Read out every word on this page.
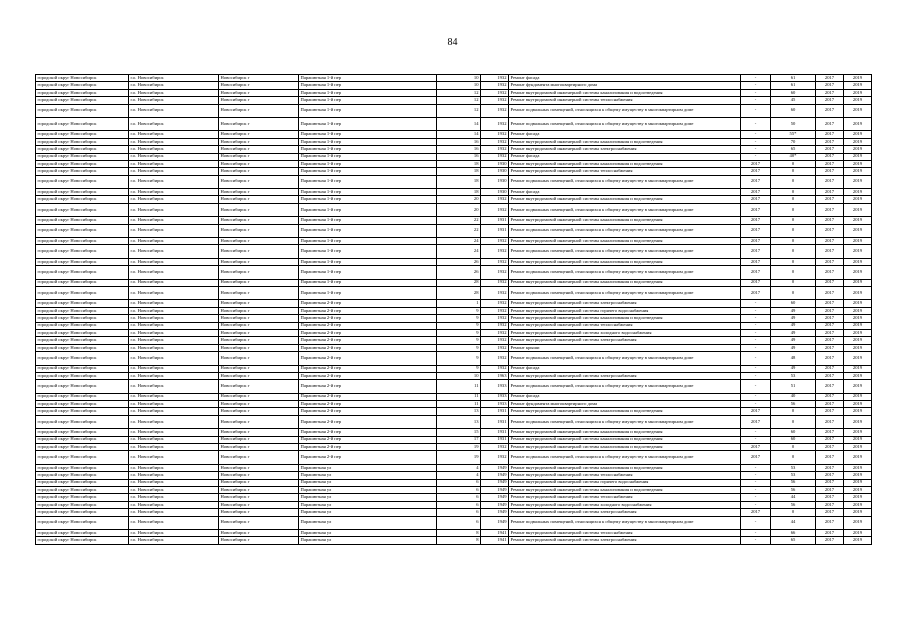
84
городской округ Новосибирск	г.о. Новосибирск	Новосибирск г	Парашютная 1-й пер	10	1932	Ремонт фасада	-	61	2017	2019
городской округ Новосибирск	г.о. Новосибирск	Новосибирск г	Парашютная 1-й пер	10	1932	Ремонт фундамента многоквартирного дома	-	61	2017	2019
городской округ Новосибирск	г.о. Новосибирск	Новосибирск г	Парашютная 1-й пер	12	1932	Ремонт внутридомовой инженерной системы канализования и водоотведения	-	60	2017	2019
городской округ Новосибирск	г.о. Новосибирск	Новосибирск г	Парашютная 1-й пер	12	1932	Ремонт внутридомовой инженерной системы теплоснабжения	-	45	2017	2019
городской округ Новосибирск	г.о. Новосибирск	Новосибирск г	Парашютная 1-й пер	12	1932	Ремонт подвальных помещений, относящихся к общему имуществу в многоквартирном доме	-	60	2017	2019
городской округ Новосибирск	г.о. Новосибирск	Новосибирск г	Парашютная 1-й пер	14	1932	Ремонт подвальных помещений, относящихся к общему имуществу в многоквартирном доме	-	50	2017	2019
городской округ Новосибирск	г.о. Новосибирск	Новосибирск г	Парашютная 1-й пер	14	1932	Ремонт фасада	-	55*	2017	2019
городской округ Новосибирск	г.о. Новосибирск	Новосибирск г	Парашютная 1-й пер	16	1932	Ремонт внутридомовой инженерной системы канализования и водоотведения	-	70	2017	2019
городской округ Новосибирск	г.о. Новосибирск	Новосибирск г	Парашютная 1-й пер	16	1932	Ремонт внутридомовой инженерной системы электроснабжения	-	65	2017	2019
городской округ Новосибирск	г.о. Новосибирск	Новосибирск г	Парашютная 1-й пер	16	1932	Ремонт фасада	-	40*	2017	2019
городской округ Новосибирск	г.о. Новосибирск	Новосибирск г	Парашютная 1-й пер	18	1930	Ремонт внутридомовой инженерной системы канализования и водоотведения	2017	0	2017	2019
городской округ Новосибирск	г.о. Новосибирск	Новосибирск г	Парашютная 1-й пер	18	1930	Ремонт внутридомовой инженерной системы теплоснабжения	2017	0	2017	2019
городской округ Новосибирск	г.о. Новосибирск	Новосибирск г	Парашютная 1-й пер	18	1930	Ремонт подвальных помещений, относящихся к общему имуществу в многоквартирном доме	2017	0	2017	2019
городской округ Новосибирск	г.о. Новосибирск	Новосибирск г	Парашютная 1-й пер	18	1930	Ремонт фасада	2017	0	2017	2019
городской округ Новосибирск	г.о. Новосибирск	Новосибирск г	Парашютная 1-й пер	20	1932	Ремонт внутридомовой инженерной системы канализования и водоотведения	2017	0	2017	2019
городской округ Новосибирск	г.о. Новосибирск	Новосибирск г	Парашютная 1-й пер	20	1932	Ремонт подвальных помещений, относящихся к общему имуществу в многоквартирном доме	2017	0	2017	2019
городской округ Новосибирск	г.о. Новосибирск	Новосибирск г	Парашютная 1-й пер	22	1931	Ремонт внутридомовой инженерной системы канализования и водоотведения	2017	0	2017	2019
городской округ Новосибирск	г.о. Новосибирск	Новосибирск г	Парашютная 1-й пер	22	1931	Ремонт подвальных помещений, относящихся к общему имуществу в многоквартирном доме	2017	0	2017	2019
городской округ Новосибирск	г.о. Новосибирск	Новосибирск г	Парашютная 1-й пер	24	1932	Ремонт внутридомовой инженерной системы канализования и водоотведения	2017	0	2017	2019
городской округ Новосибирск	г.о. Новосибирск	Новосибирск г	Парашютная 1-й пер	24	1932	Ремонт подвальных помещений, относящихся к общему имуществу в многоквартирном доме	2017	0	2017	2019
городской округ Новосибирск	г.о. Новосибирск	Новосибирск г	Парашютная 1-й пер	26	1932	Ремонт внутридомовой инженерной системы канализования и водоотведения	2017	0	2017	2019
городской округ Новосибирск	г.о. Новосибирск	Новосибирск г	Парашютная 1-й пер	26	1932	Ремонт подвальных помещений, относящихся к общему имуществу в многоквартирном доме	2017	0	2017	2019
городской округ Новосибирск	г.о. Новосибирск	Новосибирск г	Парашютная 1-й пер	28	1932	Ремонт внутридомовой инженерной системы канализования и водоотведения	2017	0	2017	2019
городской округ Новосибирск	г.о. Новосибирск	Новосибирск г	Парашютная 1-й пер	28	1932	Ремонт подвальных помещений, относящихся к общему имуществу в многоквартирном доме	2017	0	2017	2019
городской округ Новосибирск	г.о. Новосибирск	Новосибирск г	Парашютная 2-й пер	1	1932	Ремонт внутридомовой инженерной системы электроснабжения	-	60	2017	2019
городской округ Новосибирск	г.о. Новосибирск	Новосибирск г	Парашютная 2-й пер	9	1932	Ремонт внутридомовой инженерной системы горячего водоснабжения	-	49	2017	2019
городской округ Новосибирск	г.о. Новосибирск	Новосибирск г	Парашютная 2-й пер	9	1932	Ремонт внутридомовой инженерной системы канализования и водоотведения	-	49	2017	2019
городской округ Новосибирск	г.о. Новосибирск	Новосибирск г	Парашютная 2-й пер	9	1932	Ремонт внутридомовой инженерной системы теплоснабжения	-	49	2017	2019
городской округ Новосибирск	г.о. Новосибирск	Новосибирск г	Парашютная 2-й пер	9	1932	Ремонт внутридомовой инженерной системы холодного водоснабжения	-	49	2017	2019
городской округ Новосибирск	г.о. Новосибирск	Новосибирск г	Парашютная 2-й пер	9	1932	Ремонт внутридомовой инженерной системы электроснабжения	-	49	2017	2019
городской округ Новосибирск	г.о. Новосибирск	Новосибирск г	Парашютная 2-й пер	9	1932	Ремонт крыши	-	49	2017	2019
городской округ Новосибирск	г.о. Новосибирск	Новосибирск г	Парашютная 2-й пер	9	1932	Ремонт подвальных помещений, относящихся к общему имуществу в многоквартирном доме	-	48	2017	2019
городской округ Новосибирск	г.о. Новосибирск	Новосибирск г	Парашютная 2-й пер	9	1932	Ремонт фасада	-	49	2017	2019
городской округ Новосибирск	г.о. Новосибирск	Новосибирск г	Парашютная 2-й пер	10	1963	Ремонт внутридомовой инженерной системы электроснабжения	-	53	2017	2019
городской округ Новосибирск	г.о. Новосибирск	Новосибирск г	Парашютная 2-й пер	11	1933	Ремонт подвальных помещений, относящихся к общему имуществу в многоквартирном доме	-	51	2017	2019
городской округ Новосибирск	г.о. Новосибирск	Новосибирск г	Парашютная 2-й пер	11	1933	Ремонт фасада	-	40	2017	2019
городской округ Новосибирск	г.о. Новосибирск	Новосибирск г	Парашютная 2-й пер	11	1933	Ремонт фундамента многоквартирного дома	-	56	2017	2019
городской округ Новосибирск	г.о. Новосибирск	Новосибирск г	Парашютная 2-й пер	13	1931	Ремонт внутридомовой инженерной системы канализования и водоотведения	2017	0	2017	2019
городской округ Новосибирск	г.о. Новосибирск	Новосибирск г	Парашютная 2-й пер	13	1931	Ремонт подвальных помещений, относящихся к общему имуществу в многоквартирном доме	2017	0	2017	2019
городской округ Новосибирск	г.о. Новосибирск	Новосибирск г	Парашютная 2-й пер	15	1931	Ремонт внутридомовой инженерной системы канализования и водоотведения	-	60	2017	2019
городской округ Новосибирск	г.о. Новосибирск	Новосибирск г	Парашютная 2-й пер	17	1931	Ремонт внутридомовой инженерной системы канализования и водоотведения	-	60	2017	2019
городской округ Новосибирск	г.о. Новосибирск	Новосибирск г	Парашютная 2-й пер	19	1932	Ремонт внутридомовой инженерной системы канализования и водоотведения	2017	0	2017	2019
городской округ Новосибирск	г.о. Новосибирск	Новосибирск г	Парашютная 2-й пер	19	1932	Ремонт подвальных помещений, относящихся к общему имуществу в многоквартирном доме	2017	0	2017	2019
городской округ Новосибирск	г.о. Новосибирск	Новосибирск г	Парашютная ул	4	1949	Ремонт внутридомовой инженерной системы канализования и водоотведения	-	53	2017	2019
городской округ Новосибирск	г.о. Новосибирск	Новосибирск г	Парашютная ул	4	1949	Ремонт внутридомовой инженерной системы теплоснабжения	-	53	2017	2019
городской округ Новосибирск	г.о. Новосибирск	Новосибирск г	Парашютная ул	6	1949	Ремонт внутридомовой инженерной системы горячего водоснабжения	-	56	2017	2019
городской округ Новосибирск	г.о. Новосибирск	Новосибирск г	Парашютная ул	6	1949	Ремонт внутридомовой инженерной системы канализования и водоотведения	-	56	2017	2019
городской округ Новосибирск	г.о. Новосибирск	Новосибирск г	Парашютная ул	6	1949	Ремонт внутридомовой инженерной системы теплоснабжения	-	44	2017	2019
городской округ Новосибирск	г.о. Новосибирск	Новосибирск г	Парашютная ул	6	1949	Ремонт внутридомовой инженерной системы холодного водоснабжения	-	56	2017	2019
городской округ Новосибирск	г.о. Новосибирск	Новосибирск г	Парашютная ул	6	1949	Ремонт внутридомовой инженерной системы электроснабжения	2017	0	2017	2019
городской округ Новосибирск	г.о. Новосибирск	Новосибирск г	Парашютная ул	6	1949	Ремонт подвальных помещений, относящихся к общему имуществу в многоквартирном доме	-	44	2017	2019
городской округ Новосибирск	г.о. Новосибирск	Новосибирск г	Парашютная ул	8	1941	Ремонт внутридомовой инженерной системы теплоснабжения	-	66	2017	2019
городской округ Новосибирск	г.о. Новосибирск	Новосибирск г	Парашютная ул	8	1941	Ремонт внутридомовой инженерной системы электроснабжения	-	65	2017	2019
